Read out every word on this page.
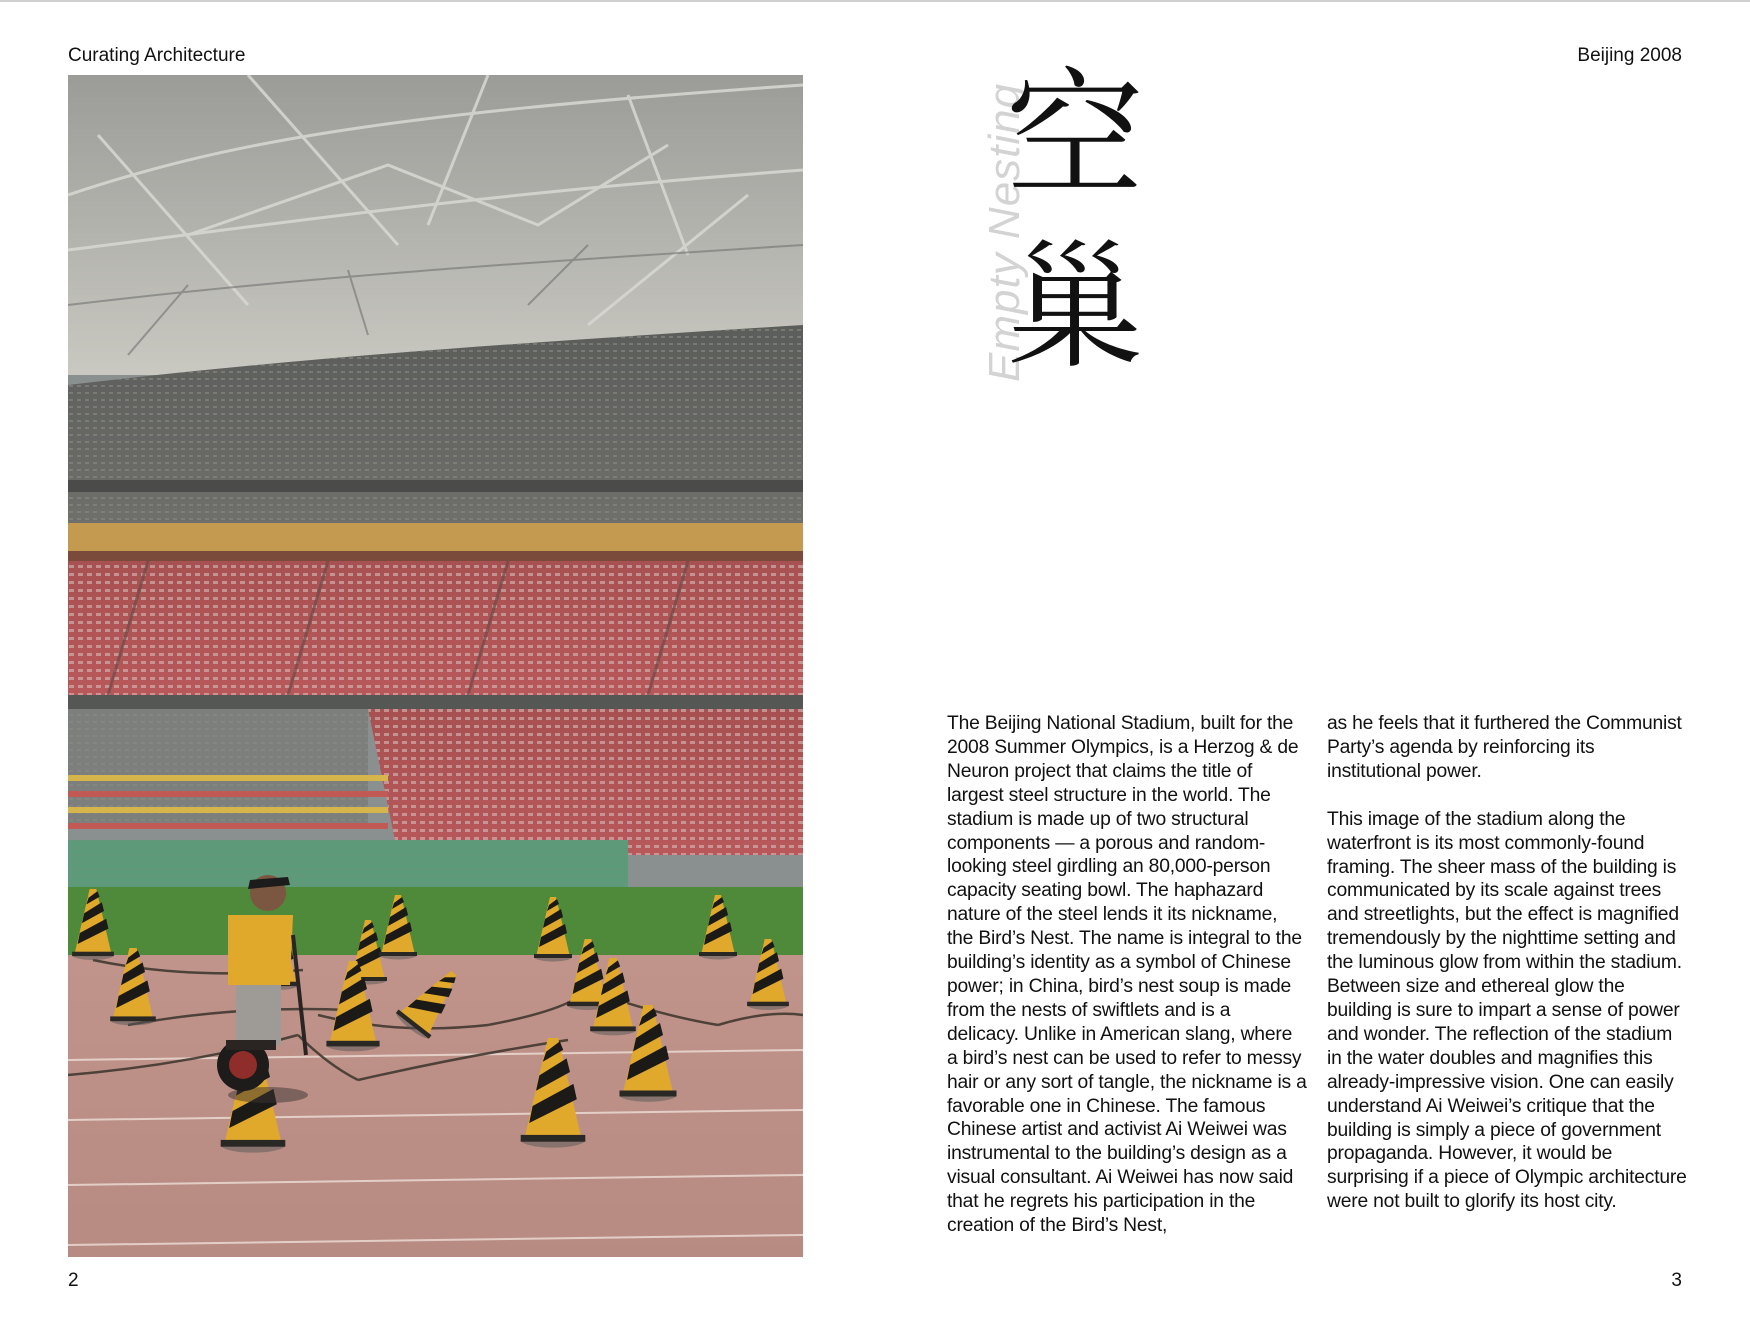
Curating Architecture
2
Beijing 2008
3
Empty Nesting
空
巢

The Beijing National Stadium, built for the 2008 Summer Olympics, is a Herzog & de Neuron project that claims the title of largest steel structure in the world. The stadium is made up of two structural components — a porous and random-looking steel girdling an 80,000-person capacity seating bowl. The haphazard nature of the steel lends it its nickname, the Bird’s Nest. The name is integral to the building’s identity as a symbol of Chinese power; in China, bird’s nest soup is made from the nests of swiftlets and is a delicacy. Unlike in American slang, where a bird’s nest can be used to refer to messy hair or any sort of tangle, the nickname is a favorable one in Chinese. The famous Chinese artist and activist Ai Weiwei was instrumental to the building’s design as a visual consultant. Ai Weiwei has now said that he regrets his participation in the creation of the Bird’s Nest,

as he feels that it furthered the Communist Party’s agenda by reinforcing its institutional power.

This image of the stadium along the waterfront is its most commonly-found framing. The sheer mass of the building is communicated by its scale against trees and streetlights, but the effect is magnified tremendously by the nighttime setting and the luminous glow from within the stadium. Between size and ethereal glow the building is sure to impart a sense of power and wonder. The reflection of the stadium in the water doubles and magnifies this already-impressive vision. One can easily understand Ai Weiwei’s critique that the building is simply a piece of government propaganda. However, it would be surprising if a piece of Olympic architecture were not built to glorify its host city.
